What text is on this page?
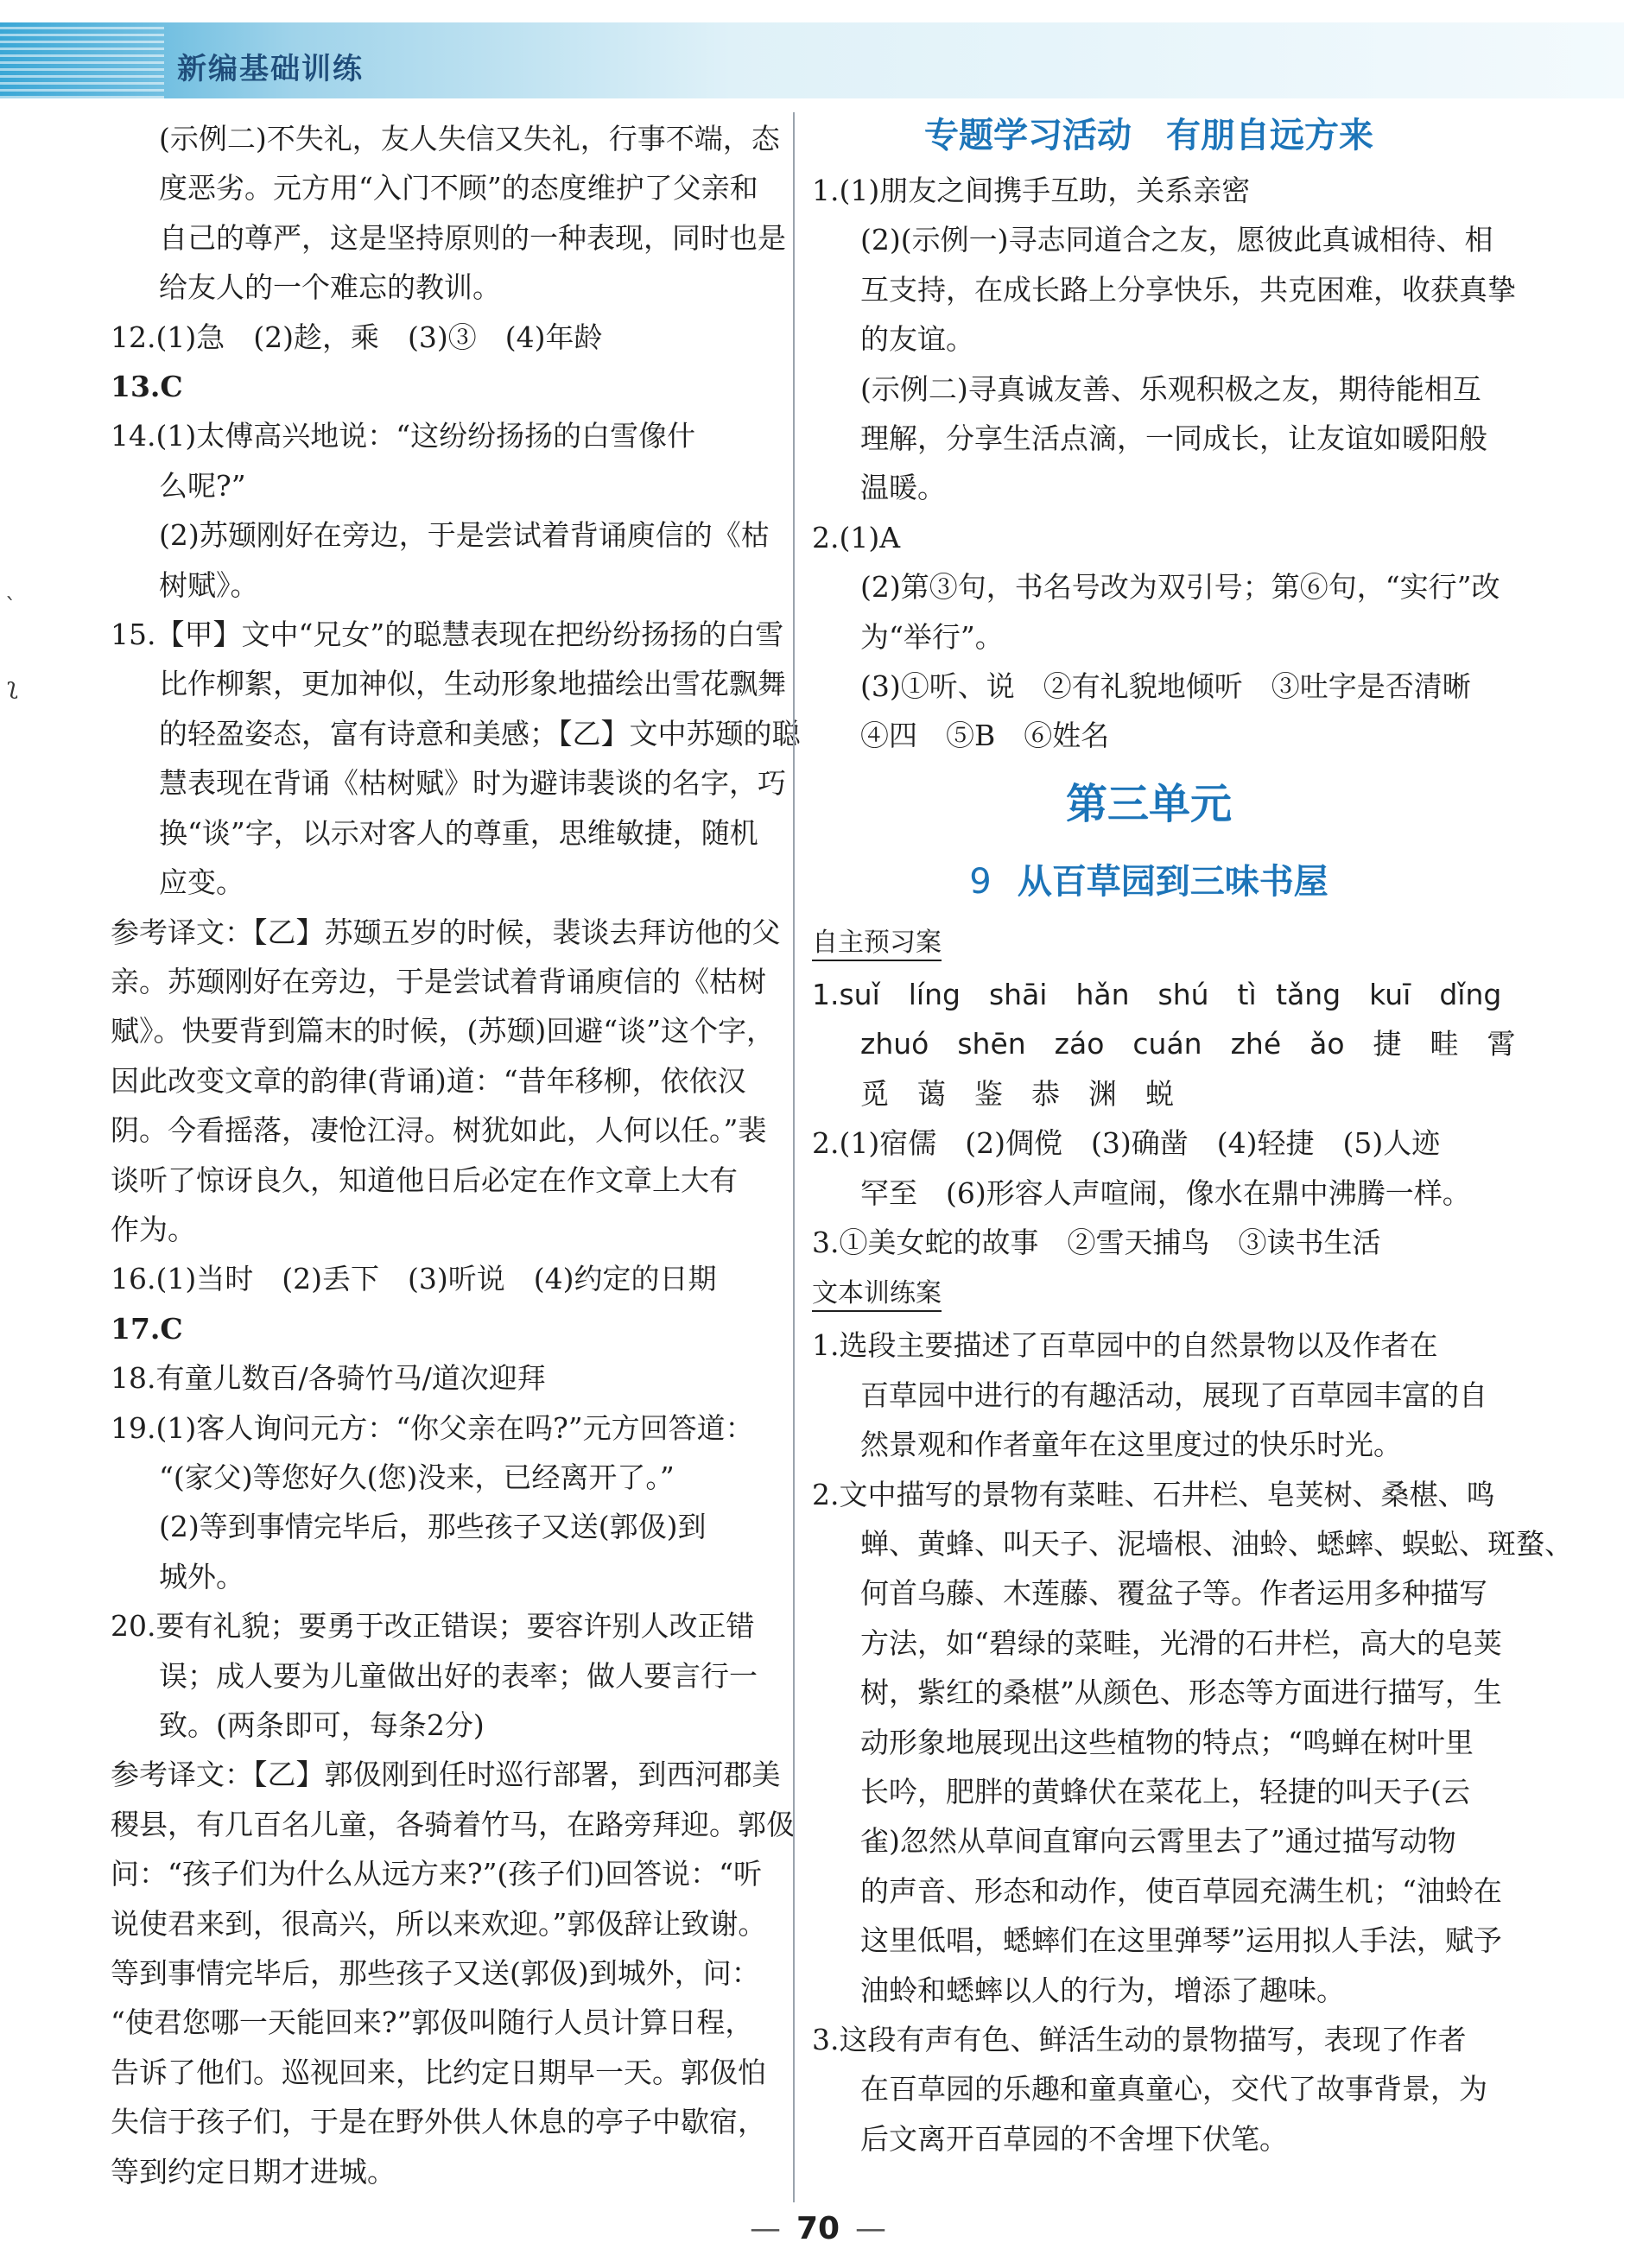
新编基础训练
ˋ
ʅ
(示例二)不失礼，友人失信又失礼，行事不端，态
度恶劣。元方用“入门不顾”的态度维护了父亲和
自己的尊严，这是坚持原则的一种表现，同时也是
给友人的一个难忘的教训。
12.(1)急　(2)趁，乘　(3)③　(4)年龄
13.C
14.(1)太傅高兴地说：“这纷纷扬扬的白雪像什
么呢?”
(2)苏颋刚好在旁边，于是尝试着背诵庾信的《枯
树赋》。
15.【甲】文中“兄女”的聪慧表现在把纷纷扬扬的白雪
比作柳絮，更加神似，生动形象地描绘出雪花飘舞
的轻盈姿态，富有诗意和美感；【乙】文中苏颋的聪
慧表现在背诵《枯树赋》时为避讳裴谈的名字，巧
换“谈”字，以示对客人的尊重，思维敏捷，随机
应变。
参考译文：【乙】苏颋五岁的时候，裴谈去拜访他的父
亲。苏颋刚好在旁边，于是尝试着背诵庾信的《枯树
赋》。快要背到篇末的时候，(苏颋)回避“谈”这个字，
因此改变文章的韵律(背诵)道：“昔年移柳，依依汉
阴。今看摇落，凄怆江浔。树犹如此，人何以任。”裴
谈听了惊讶良久，知道他日后必定在作文章上大有
作为。
16.(1)当时　(2)丢下　(3)听说　(4)约定的日期
17.C
18.有童儿数百/各骑竹马/道次迎拜
19.(1)客人询问元方：“你父亲在吗?”元方回答道：
“(家父)等您好久(您)没来，已经离开了。”
(2)等到事情完毕后，那些孩子又送(郭伋)到
城外。
20.要有礼貌；要勇于改正错误；要容许别人改正错
误；成人要为儿童做出好的表率；做人要言行一
致。(两条即可，每条2分)
参考译文：【乙】郭伋刚到任时巡行部署，到西河郡美
稷县，有几百名儿童，各骑着竹马，在路旁拜迎。郭伋
问：“孩子们为什么从远方来?”(孩子们)回答说：“听
说使君来到，很高兴，所以来欢迎。”郭伋辞让致谢。
等到事情完毕后，那些孩子又送(郭伋)到城外，问：
“使君您哪一天能回来?”郭伋叫随行人员计算日程，
告诉了他们。巡视回来，比约定日期早一天。郭伋怕
失信于孩子们，于是在野外供人休息的亭子中歇宿，
等到约定日期才进城。
专题学习活动　有朋自远方来
1.(1)朋友之间携手互助，关系亲密
(2)(示例一)寻志同道合之友，愿彼此真诚相待、相
互支持，在成长路上分享快乐，共克困难，收获真挚
的友谊。
(示例二)寻真诚友善、乐观积极之友，期待能相互
理解，分享生活点滴，一同成长，让友谊如暖阳般
温暖。
2.(1)A
(2)第③句，书名号改为双引号；第⑥句，“实行”改
为“举行”。
(3)①听、说　②有礼貌地倾听　③吐字是否清晰
④四　⑤B　⑥姓名
第三单元
9 从百草园到三味书屋
自主预习案
1.suǐ　líng　shāi　hǎn　shú　tì tǎng　kuī　dǐng
zhuó　shēn　záo　cuán　zhé　ǎo　捷　畦　霄
觅　蔼　鉴　恭　渊　蜕
2.(1)宿儒　(2)倜傥　(3)确凿　(4)轻捷　(5)人迹
罕至　(6)形容人声喧闹，像水在鼎中沸腾一样。
3.①美女蛇的故事　②雪天捕鸟　③读书生活
文本训练案
1.选段主要描述了百草园中的自然景物以及作者在
百草园中进行的有趣活动，展现了百草园丰富的自
然景观和作者童年在这里度过的快乐时光。
2.文中描写的景物有菜畦、石井栏、皂荚树、桑椹、鸣
蝉、黄蜂、叫天子、泥墙根、油蛉、蟋蟀、蜈蚣、斑蝥、
何首乌藤、木莲藤、覆盆子等。作者运用多种描写
方法，如“碧绿的菜畦，光滑的石井栏，高大的皂荚
树，紫红的桑椹”从颜色、形态等方面进行描写，生
动形象地展现出这些植物的特点；“鸣蝉在树叶里
长吟，肥胖的黄蜂伏在菜花上，轻捷的叫天子(云
雀)忽然从草间直窜向云霄里去了”通过描写动物
的声音、形态和动作，使百草园充满生机；“油蛉在
这里低唱，蟋蟀们在这里弹琴”运用拟人手法，赋予
油蛉和蟋蟀以人的行为，增添了趣味。
3.这段有声有色、鲜活生动的景物描写，表现了作者
在百草园的乐趣和童真童心，交代了故事背景，为
后文离开百草园的不舍埋下伏笔。
— 70 —
